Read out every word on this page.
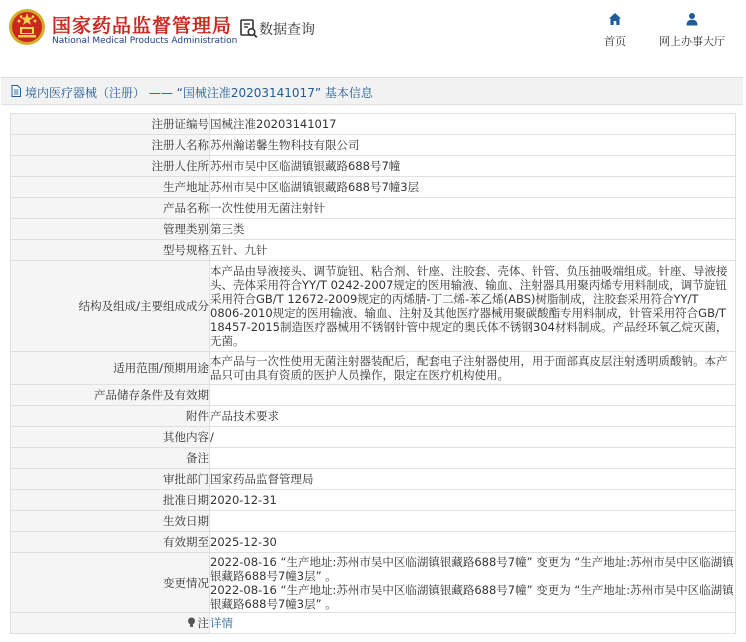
国家药品监督管理局
National Medical Products Administration
数据查询
首页	网上办事大厅
境内医疗器械（注册） —— “国械注准20203141017” 基本信息
注册证编号	国械注准20203141017
注册人名称	苏州瀚诺馨生物科技有限公司
注册人住所	苏州市吴中区临湖镇银藏路688号7幢
生产地址	苏州市吴中区临湖镇银藏路688号7幢3层
产品名称	一次性使用无菌注射针
管理类别	第三类
型号规格	五针、九针
结构及组成/主要组成成分	本产品由导液接头、调节旋钮、粘合剂、针座、注胶套、壳体、针管、负压抽吸端组成。针座、导液接头、壳体采用符合YY/T 0242-2007规定的医用输液、输血、注射器具用聚丙烯专用料制成，调节旋钮采用符合GB/T 12672-2009规定的丙烯腈-丁二烯-苯乙烯(ABS)树脂制成，注胶套采用符合YY/T 0806-2010规定的医用输液、输血、注射及其他医疗器械用聚碳酸酯专用料制成，针管采用符合GB/T 18457-2015制造医疗器械用不锈钢针管中规定的奥氏体不锈钢304材料制成。产品经环氧乙烷灭菌，无菌。
适用范围/预期用途	本产品与一次性使用无菌注射器装配后，配套电子注射器使用，用于面部真皮层注射透明质酸钠。本产品只可由具有资质的医护人员操作，限定在医疗机构使用。
产品储存条件及有效期	
附件	产品技术要求
其他内容	/
备注	
审批部门	国家药品监督管理局
批准日期	2020-12-31
生效日期	
有效期至	2025-12-30
变更情况	2022-08-16 “生产地址:苏州市吴中区临湖镇银藏路688号7幢” 变更为 “生产地址:苏州市吴中区临湖镇银藏路688号7幢3层” 。
2022-08-16 “生产地址:苏州市吴中区临湖镇银藏路688号7幢” 变更为 “生产地址:苏州市吴中区临湖镇银藏路688号7幢3层” 。

注	详情
